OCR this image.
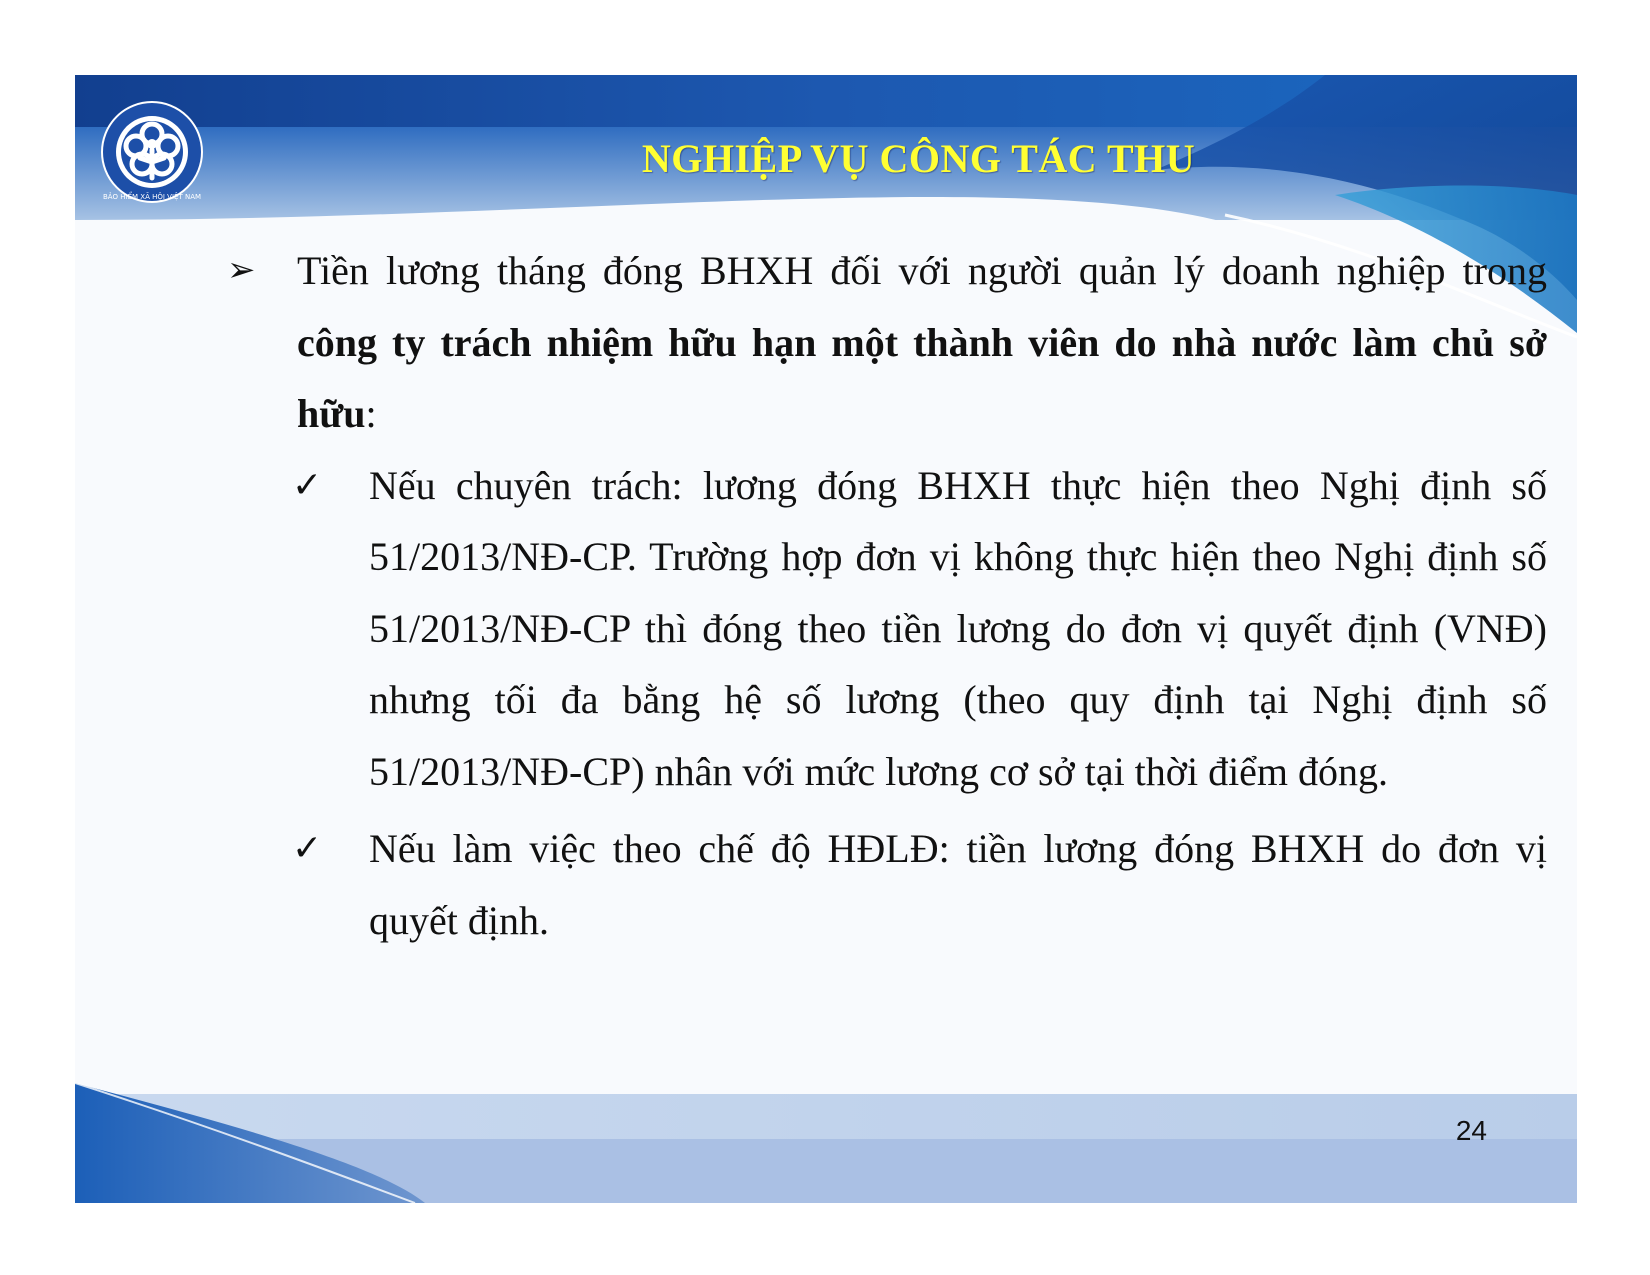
BẢO HIỂM XÃ HỘI VIỆT NAM
NGHIỆP VỤ CÔNG TÁC THU

➢ Tiền lương tháng đóng BHXH đối với người quản lý doanh nghiệp trong công ty trách nhiệm hữu hạn một thành viên do nhà nước làm chủ sở hữu:

✓ Nếu chuyên trách: lương đóng BHXH thực hiện theo Nghị định số 51/2013/NĐ-CP. Trường hợp đơn vị không thực hiện theo Nghị định số 51/2013/NĐ-CP thì đóng theo tiền lương do đơn vị quyết định (VNĐ) nhưng tối đa bằng hệ số lương (theo quy định tại Nghị định số 51/2013/NĐ-CP) nhân với mức lương cơ sở tại thời điểm đóng.

✓ Nếu làm việc theo chế độ HĐLĐ: tiền lương đóng BHXH do đơn vị quyết định.

24
